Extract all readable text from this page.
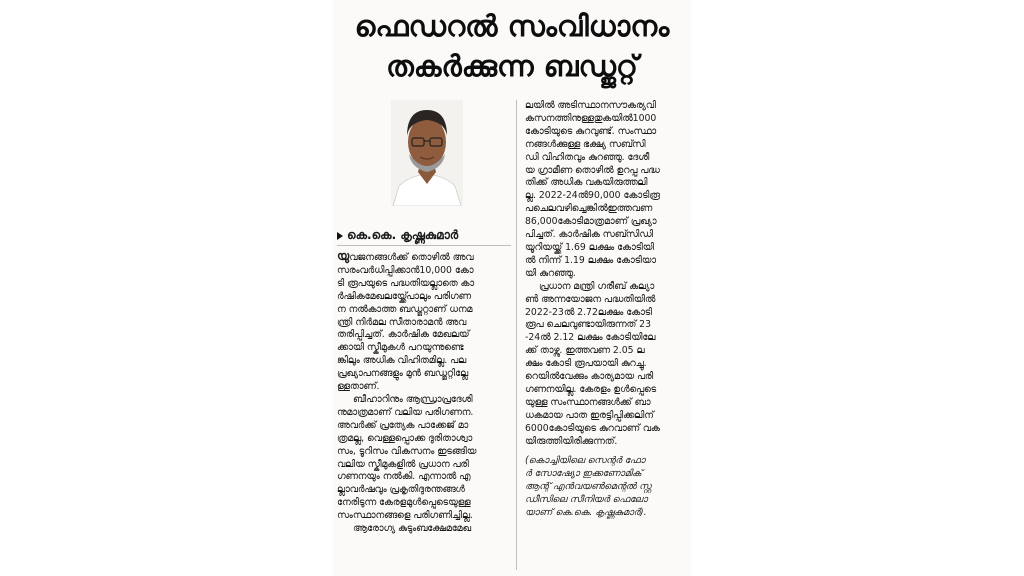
ഫെഡറൽ സംവിധാനം
തകർക്കുന്ന ബഡ്ജറ്റ്
കെ.കെ. കൃഷ്ണകുമാർ

യുവജനങ്ങൾക്ക് തൊഴിൽ അവ

സരംവർധിപ്പിക്കാൻ10,000 കോ

ടി രൂപയുടെ പദ്ധതിയല്ലാതെ കാ

ർഷികമേഖലയ്ക്ക്പോലും പരിഗണ

ന നൽകാത്ത ബഡ്ജറ്റാണ് ധനമ

ന്ത്രി നിർമല സീതാരാമൻ അവ

തരിപ്പിച്ചത്. കാർഷിക മേഖലയ്

ക്കായി സ്കീമുകൾ പറയുന്നുണ്ടെ

ങ്കിലും അധിക വിഹിതമില്ല. പല

പ്രഖ്യാപനങ്ങളും മുൻ ബഡ്ജറ്റില്ലേ

ള്ളതാണ്.

ബീഹാറിനും ആന്ധ്രാപ്രദേശി

നുമാത്രമാണ് വലിയ പരിഗണന.

അവർക്ക് പ്രത്യേക പാക്കേജ് മാ

ത്രമല്ല, വെള്ളപ്പൊക്ക ദുരിതാശ്വാ

സം, ടൂറിസം വികസനം ഇടങ്ങിയ

വലിയ സ്കീമുകളിൽ പ്രധാന പരി

ഗണനയും നൽകി. എന്നാൽ എ

ല്ലാവർഷവും പ്രകൃതിദുരന്തങ്ങൾ

നേരിടുന്ന കേരളമുൾപ്പെടെയുള്ള

സംസ്ഥാനങ്ങളെ പരിഗണിച്ചില്ല.

ആരോഗ്യ കുടുംബക്ഷേമമേഖ

ലയിൽ അടിസ്ഥാനസൗകര്യവി

കസനത്തിനുള്ളതുകയിൽ1000

കോടിയുടെ കുറവുണ്ട്. സംസ്ഥാ

നങ്ങൾക്കുള്ള ഭക്ഷ്യ സബ്സി

ഡി വിഹിതവും കുറഞ്ഞു. ദേശീ

യ ഗ്രാമീണ തൊഴിൽ ഉറപ്പ പദ്ധ

തിക്ക് അധിക വകയിരുത്തലി

ല്ല. 2022-24ൽ90,000 കോടിരൂ

പചെലവഴിച്ചെങ്കിൽഇത്തവണ

86,000കോടിമാത്രമാണ് പ്രഖ്യാ

പിച്ചത്. കാർഷിക സബ്സിഡി

യൂറിയയ്ക്ക് 1.69 ലക്ഷം കോടിയി

ൽ നിന്ന് 1.19 ലക്ഷം കോടിയാ

യി കുറഞ്ഞു.

പ്രധാന മന്ത്രി ഗരീബ് കല്യാ

ൺ അന്നയോജന പദ്ധതിയിൽ

2022-23ൽ 2.72ലക്ഷം കോടി

രൂപ ചെലവുണ്ടായിരുന്നത് 23

-24ൽ 2.12 ലക്ഷം കോടിയിലേ

ക്ക് താഴ്ന്നു. ഇത്തവണ 2.05 ല

ക്ഷം കോടി രൂപയായി കുറച്ചു.

റെയിൽവേക്കും കാര്യമായ പരി

ഗണനയില്ല. കേരളം ഉൾപ്പെടെ

യുള്ള സംസ്ഥാനങ്ങൾക്ക് ബാ

ധകമായ പാത ഇരട്ടിപ്പിക്കലിന്

6000കോടിയുടെ കുറവാണ് വക

യിരുത്തിയിരിക്കുന്നത്.

(കൊച്ചിയിലെ സെന്റർ ഫോ

ർ സോഷ്യോ ഇക്കണോമിക്

ആന്റ് എൻവയൺമെന്റൽ സ്റ്റ

ഡീസിലെ സീനിയർ ഫെലോ

യാണ് കെ.കെ. കൃഷ്ണകുമാർ).
